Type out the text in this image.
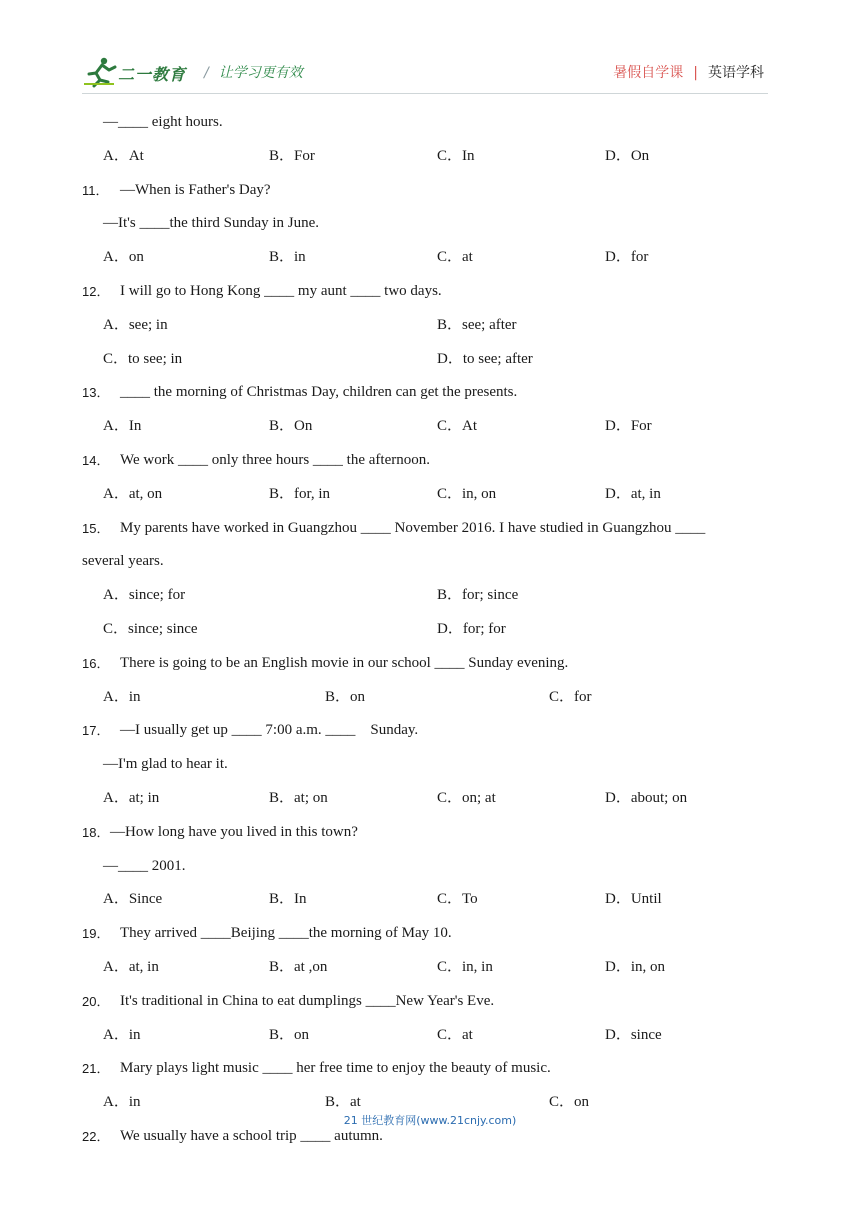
二一教育 / 让学习更有效	暑假自学课 | 英语学科
—____ eight hours.
A．At	B．For	C．In	D．On
11． —When is Father's Day?
—It's ____the third Sunday in June.
A．on	B．in	C．at	D．for
12． I will go to Hong Kong ____ my aunt ____ two days.
A．see; in	B．see; after
C．to see; in	D．to see; after
13． ____ the morning of Christmas Day, children can get the presents.
A．In	B．On	C．At	D．For
14． We work ____ only three hours ____ the afternoon.
A．at, on	B．for, in	C．in, on	D．at, in
15． My parents have worked in Guangzhou ____ November 2016. I have studied in Guangzhou ____
several years.
A．since; for	B．for; since
C．since; since	D．for; for
16． There is going to be an English movie in our school ____ Sunday evening.
A．in	B．on	C．for
17． —I usually get up ____ 7:00 a.m. ____    Sunday.
—I'm glad to hear it.
A．at; in	B．at; on	C．on; at	D．about; on
18． —How long have you lived in this town?
—____ 2001.
A．Since	B．In	C．To	D．Until
19． They arrived ____Beijing ____the morning of May 10.
A．at, in	B．at ,on	C．in, in	D．in, on
20． It's traditional in China to eat dumplings ____New Year's Eve.
A．in	B．on	C．at	D．since
21． Mary plays light music ____ her free time to enjoy the beauty of music.
A．in	B．at	C．on
22． We usually have a school trip ____ autumn.
21 世纪教育网(www.21cnjy.com)
